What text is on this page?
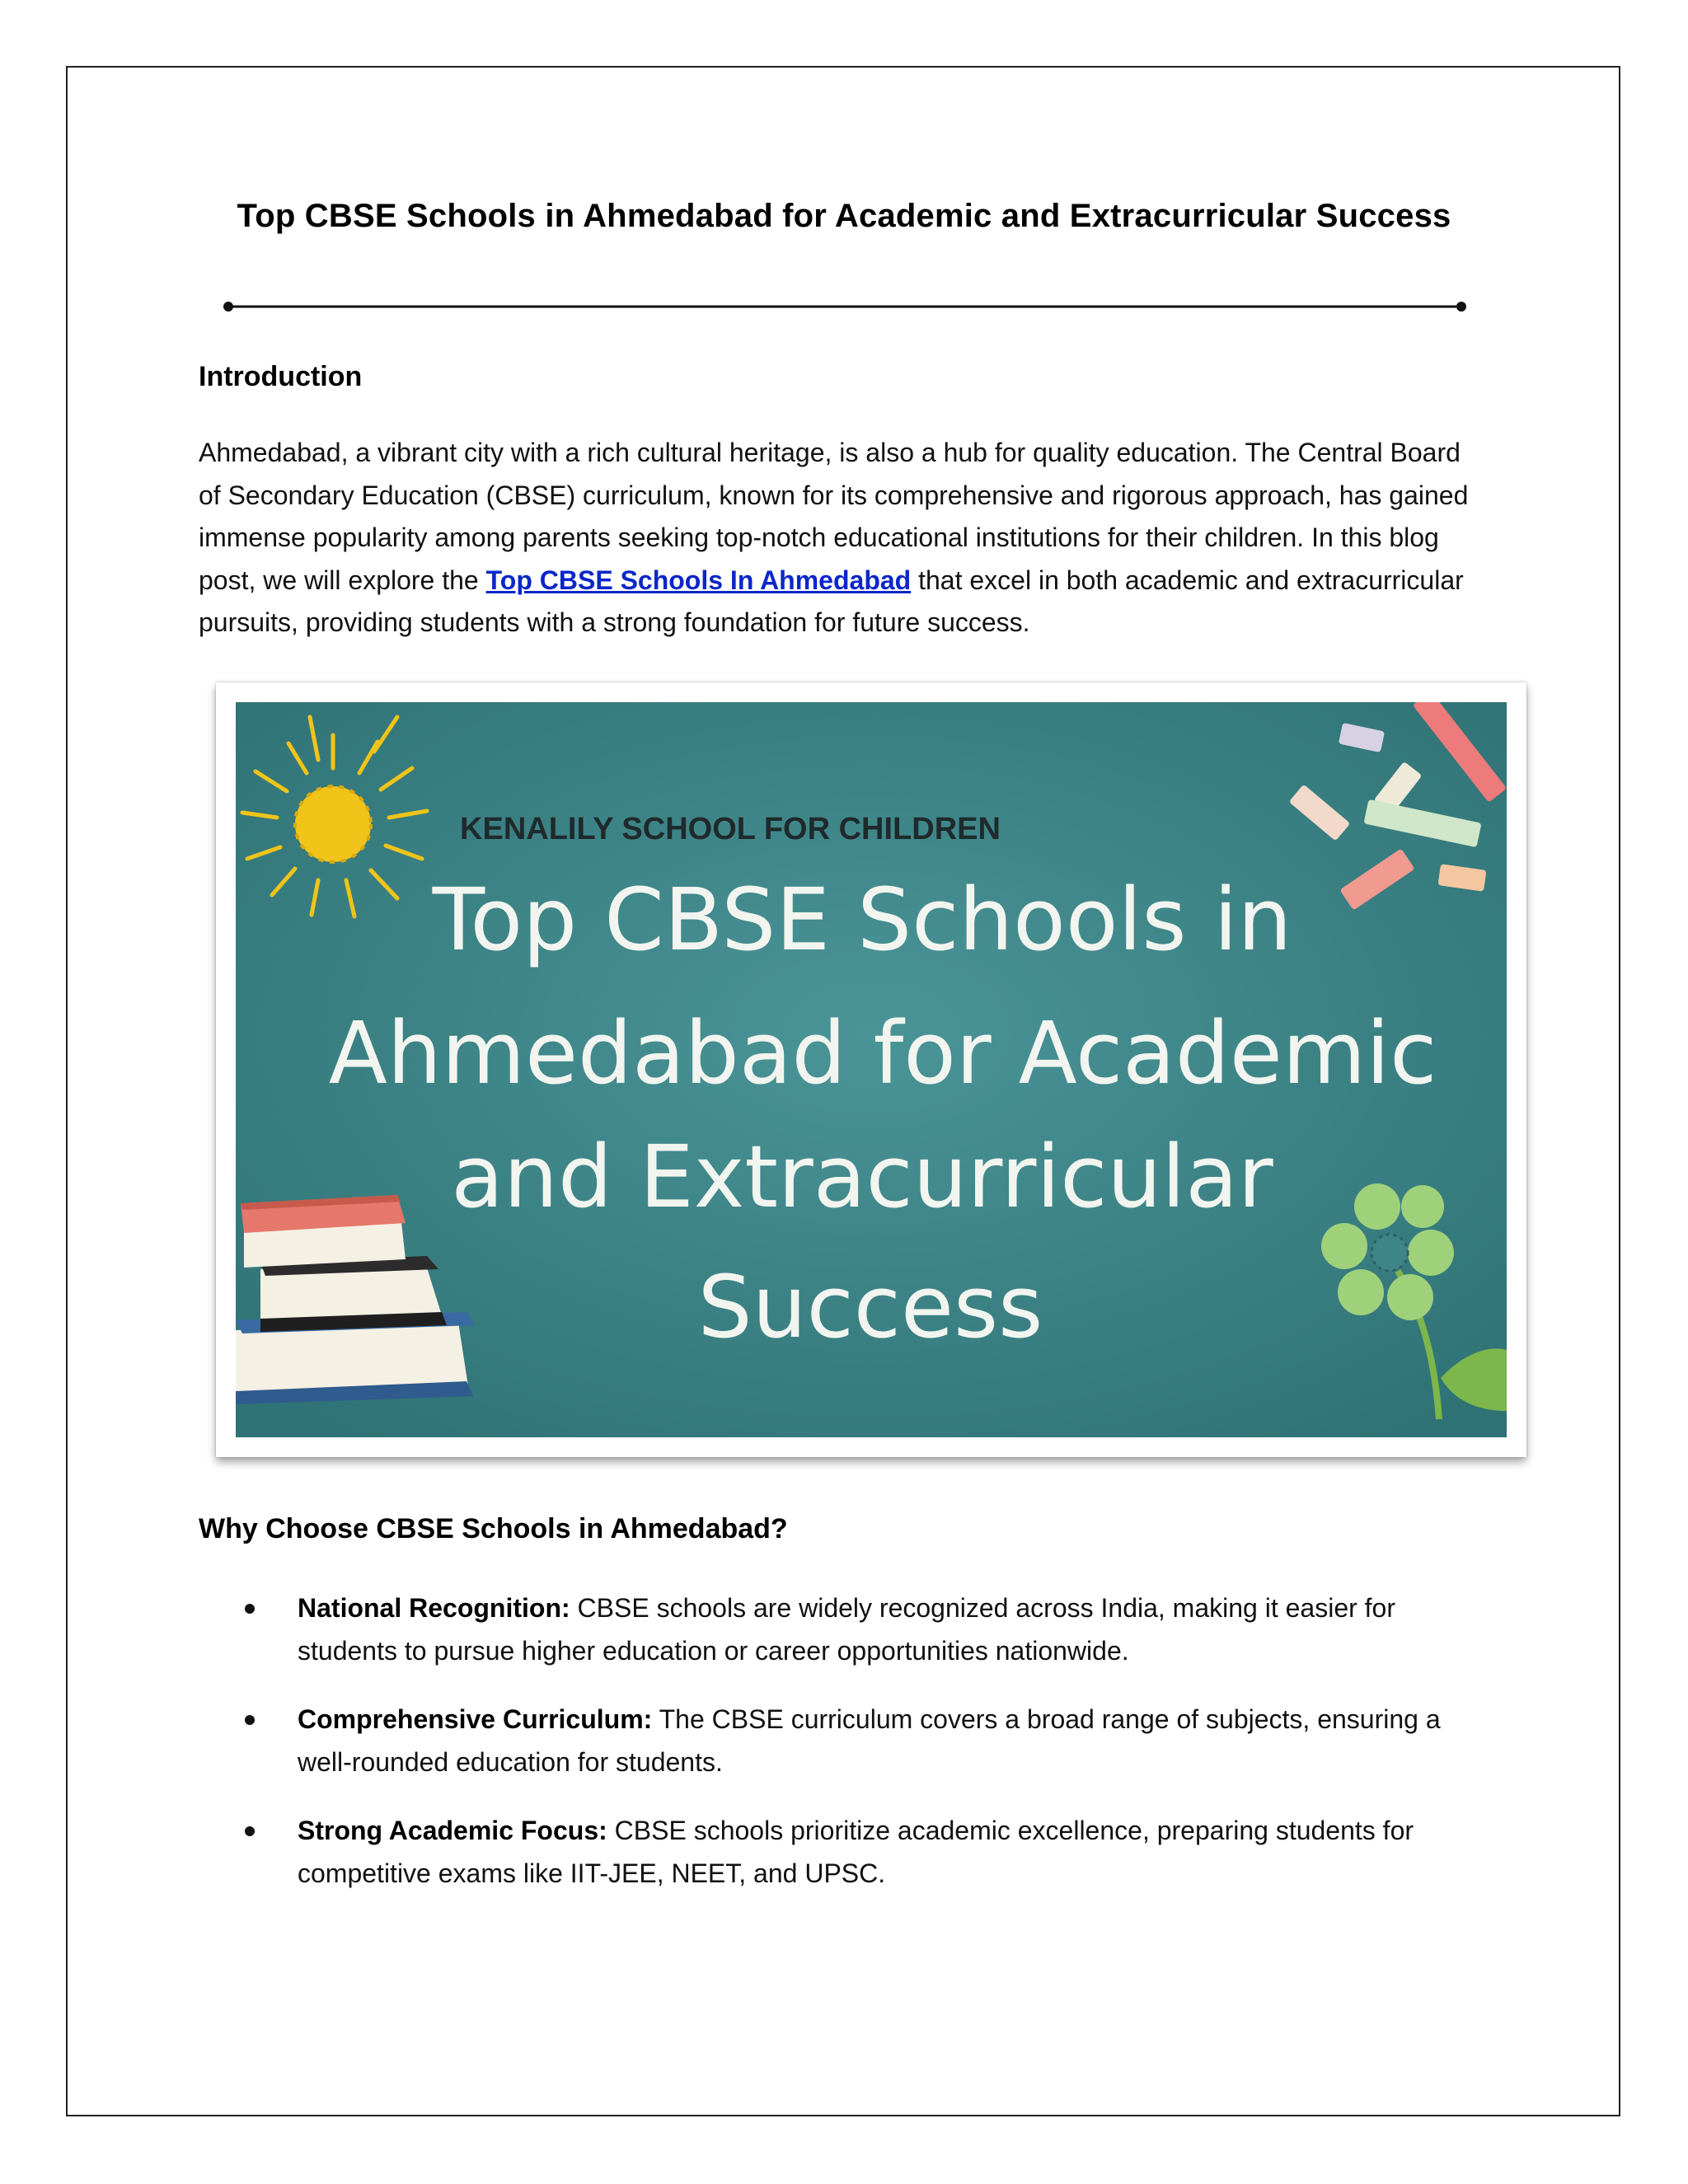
Top CBSE Schools in Ahmedabad for Academic and Extracurricular Success
Introduction
Ahmedabad, a vibrant city with a rich cultural heritage, is also a hub for quality education. The Central Board of Secondary Education (CBSE) curriculum, known for its comprehensive and rigorous approach, has gained immense popularity among parents seeking top-notch educational institutions for their children. In this blog post, we will explore the Top CBSE Schools In Ahmedabad that excel in both academic and extracurricular pursuits, providing students with a strong foundation for future success.
KENALILY SCHOOL FOR CHILDREN
Top CBSE Schools in
Ahmedabad for Academic
and Extracurricular
Success
Why Choose CBSE Schools in Ahmedabad?
National Recognition: CBSE schools are widely recognized across India, making it easier for students to pursue higher education or career opportunities nationwide.
Comprehensive Curriculum: The CBSE curriculum covers a broad range of subjects, ensuring a well-rounded education for students.
Strong Academic Focus: CBSE schools prioritize academic excellence, preparing students for competitive exams like IIT-JEE, NEET, and UPSC.
